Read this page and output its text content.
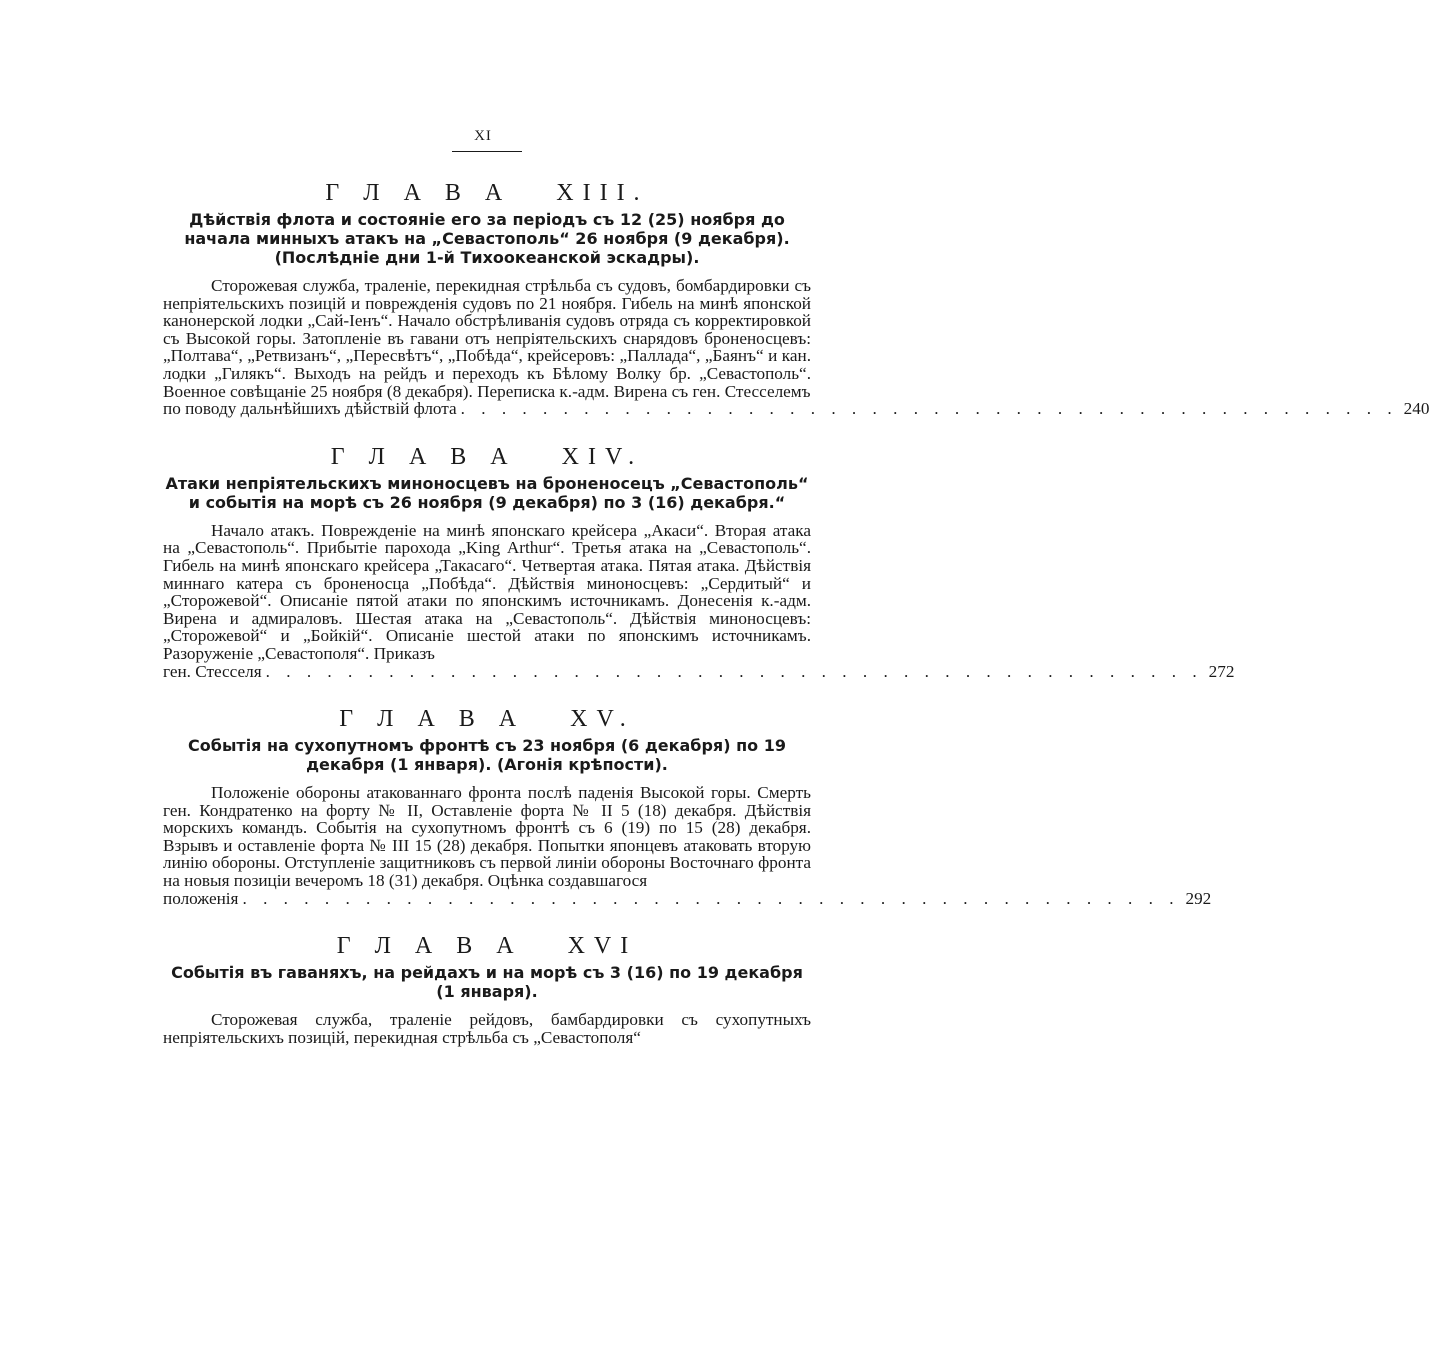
XI
Г Л А В А   XIII.
Дѣйствія флота и состояніе его за періодъ съ 12 (25) ноября до начала минныхъ атакъ на „Севастополь“ 26 ноября (9 декабря). (Послѣдніе дни 1-й Тихоокеанской эскадры).
Сторожевая служба, траленіе, перекидная стрѣльба съ судовъ, бомбардировки съ непріятельскихъ позицій и поврежденія судовъ по 21 ноября. Гибель на минѣ японской канонерской лодки „Сай-Іенъ“. Начало обстрѣливанія судовъ отряда съ корректировкой съ Высокой горы. Затопленіе въ гавани отъ непріятельскихъ снарядовъ броненосцевъ: „Полтава“, „Ретвизанъ“, „Пересвѣтъ“, „Побѣда“, крейсеровъ: „Паллада“, „Баянъ“ и кан. лодки „Гилякъ“. Выходъ на рейдъ и переходъ къ Бѣлому Волку бр. „Севастополь“. Военное совѣщаніе 25 ноября (8 декабря). Переписка к.-адм. Вирена съ ген. Стесселемъ
по поводу дальнѣйшихъ дѣйствій флота . . . . . . . . . . . . . . . . . . . . . . . . . . . . . . . . . . . . . . . . . . . . . . 240
Г Л А В А   XIV.
Атаки непріятельскихъ миноносцевъ на броненосецъ „Севастополь“ и событія на морѣ съ 26 ноября (9 декабря) по 3 (16) декабря.“
Начало атакъ. Поврежденіе на минѣ японскаго крейсера „Акаси“. Вторая атака на „Севастополь“. Прибытіе парохода „King Arthur“. Третья атака на „Севастополь“. Гибель на минѣ японскаго крейсера „Такасаго“. Четвертая атака. Пятая атака. Дѣйствія миннаго катера съ броненосца „Побѣда“. Дѣйствія миноносцевъ: „Сердитый“ и „Сторожевой“. Описаніе пятой атаки по японскимъ источникамъ. Донесенія к.-адм. Вирена и адмираловъ. Шестая атака на „Севастополь“. Дѣйствія миноносцевъ: „Сторожевой“ и „Бойкій“. Описаніе шестой атаки по японскимъ источникамъ. Разоруженіе „Севастополя“. Приказъ
ген. Стесселя . . . . . . . . . . . . . . . . . . . . . . . . . . . . . . . . . . . . . . . . . . . . . . 272
Г Л А В А   XV.
Событія на сухопутномъ фронтѣ съ 23 ноября (6 декабря) по 19 декабря (1 января). (Агонія крѣпости).
Положеніе обороны атакованнаго фронта послѣ паденія Высокой горы. Смерть ген. Кондратенко на форту № II, Оставленіе форта № II 5 (18) декабря. Дѣйствія морскихъ командъ. Событія на сухопутномъ фронтѣ съ 6 (19) по 15 (28) декабря. Взрывъ и оставленіе форта № III 15 (28) декабря. Попытки японцевъ атаковать вторую линію обороны. Отступленіе защитниковъ съ первой линіи обороны Восточнаго фронта на новыя позиціи вечеромъ 18 (31) декабря. Оцѣнка создавшагося
положенія . . . . . . . . . . . . . . . . . . . . . . . . . . . . . . . . . . . . . . . . . . . . . . 292
Г Л А В А   XVI
Событія въ гаваняхъ, на рейдахъ и на морѣ съ 3 (16) по 19 декабря (1 января).
Сторожевая служба, траленіе рейдовъ, бамбардировки съ сухопутныхъ непріятельскихъ позицій, перекидная стрѣльба съ „Севастополя“
